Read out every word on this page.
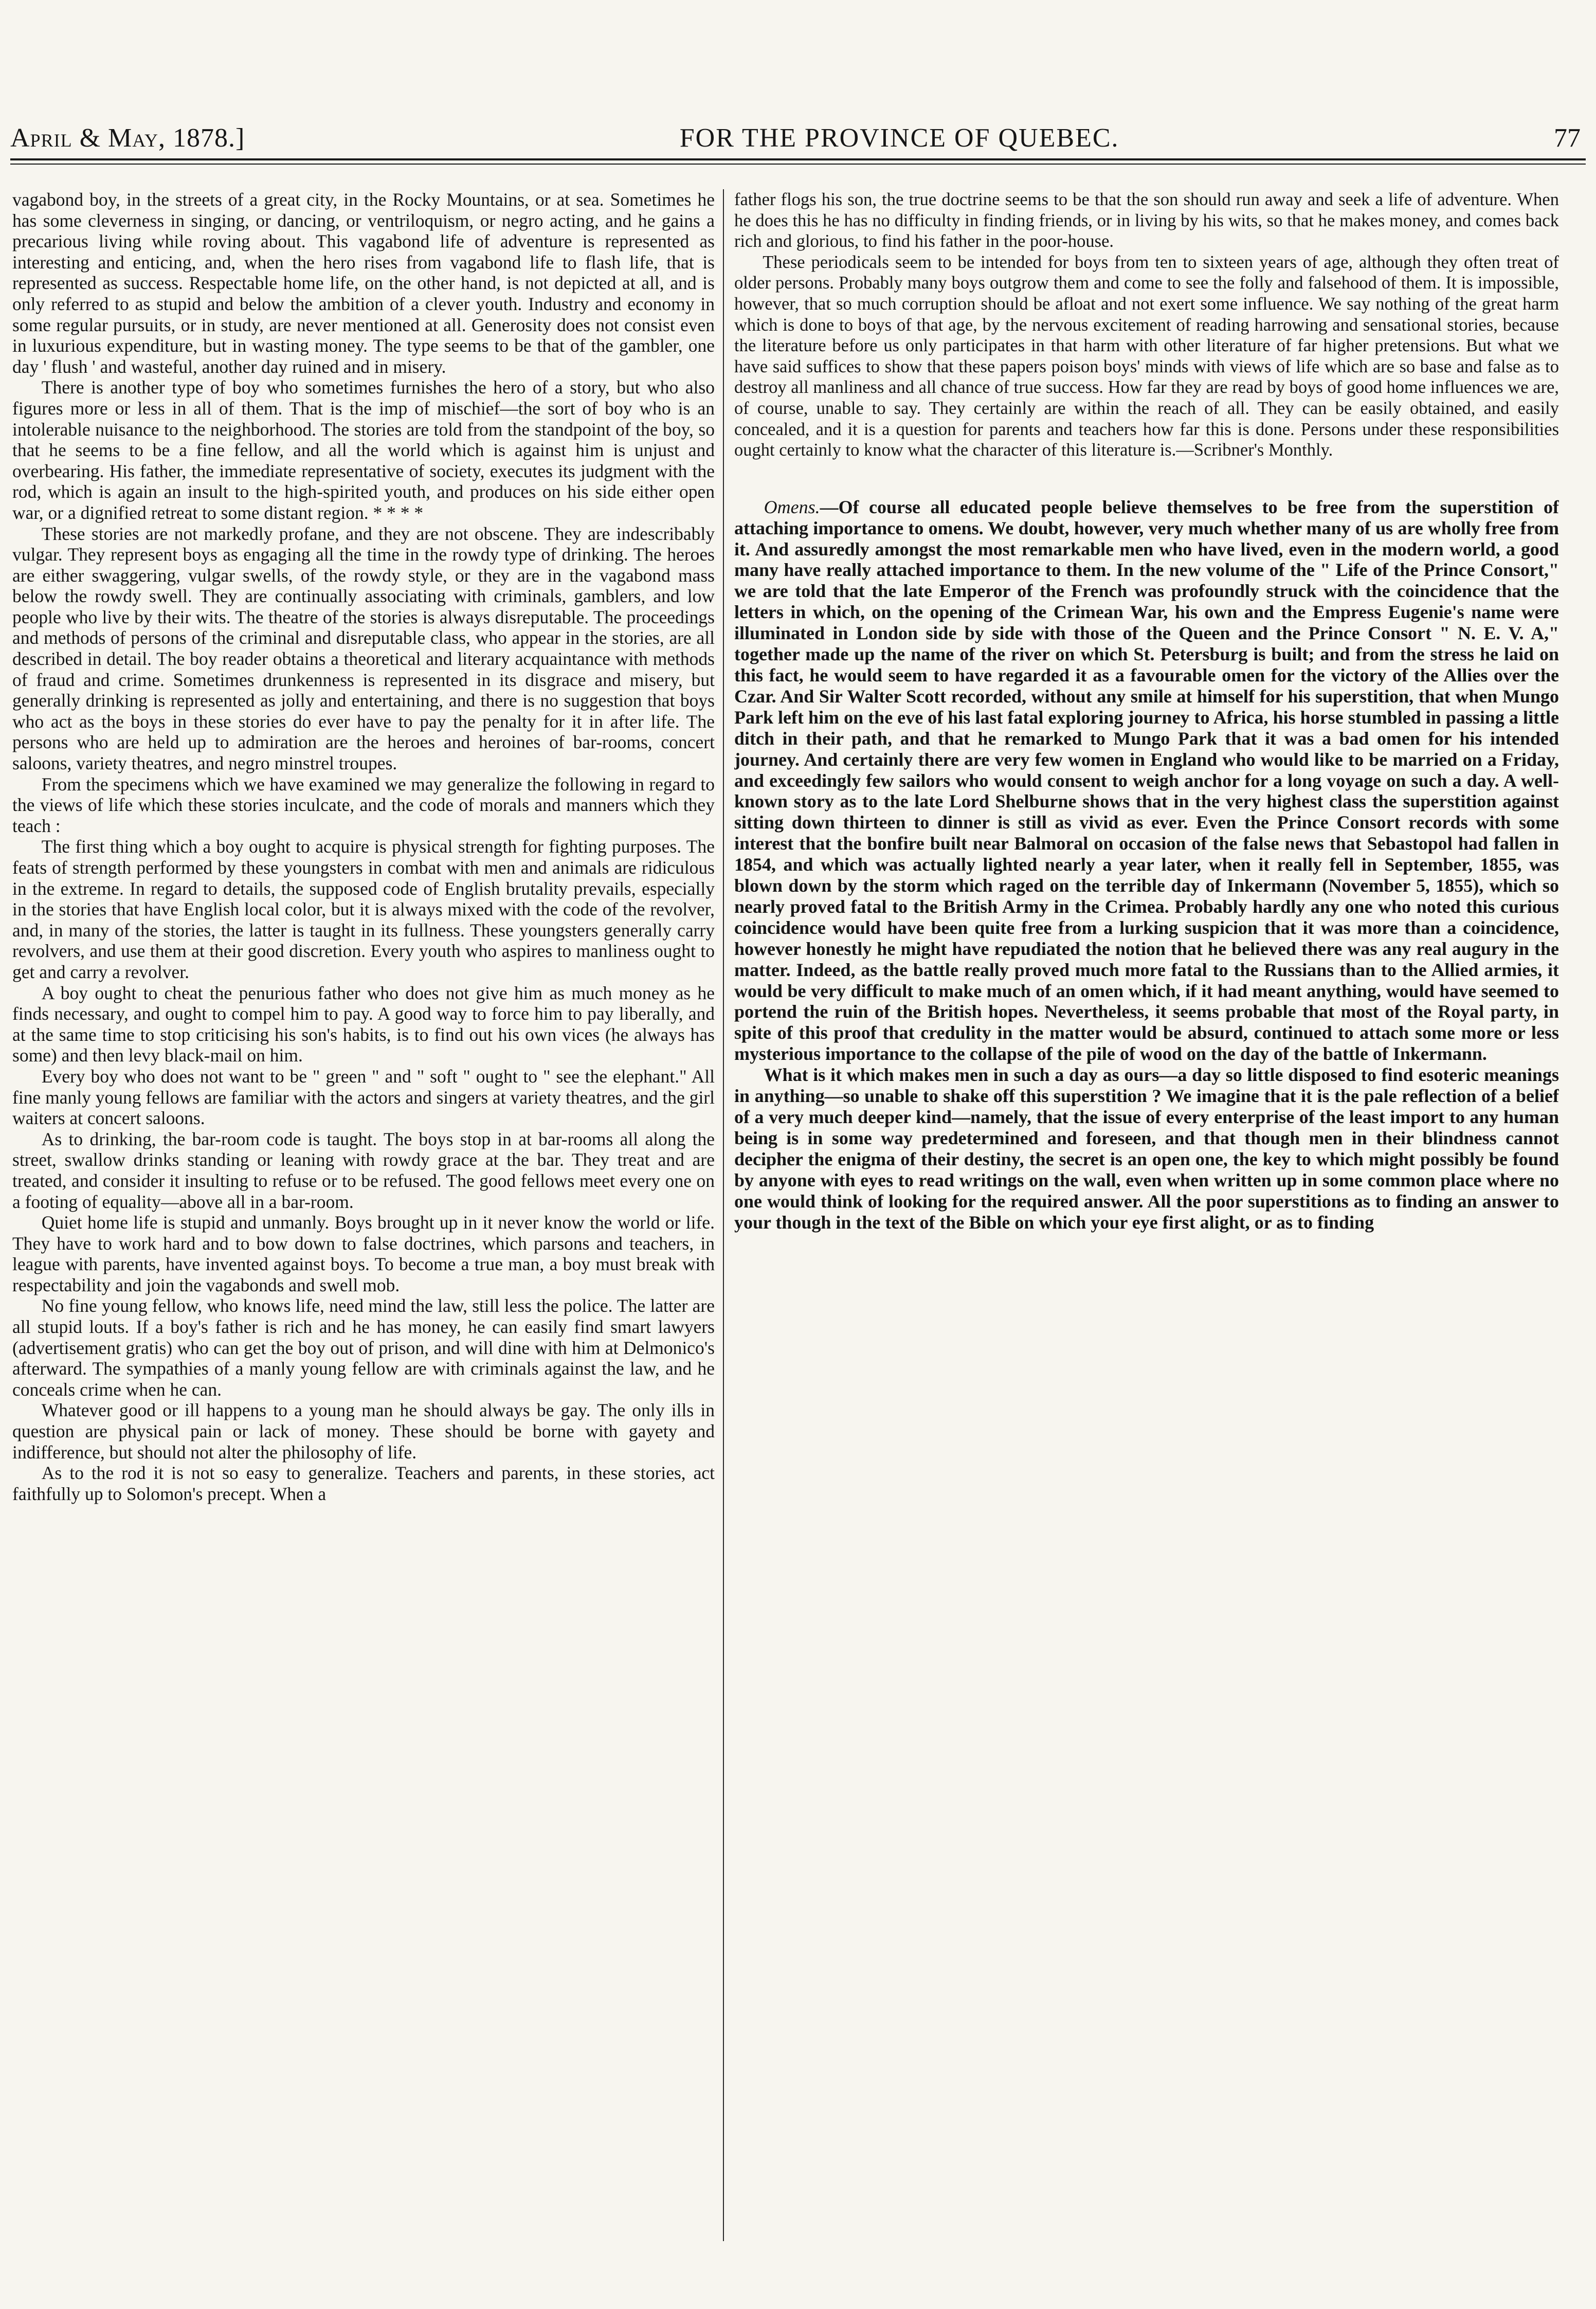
April & May, 1878.]	FOR THE PROVINCE OF QUEBEC.	77

vagabond boy, in the streets of a great city, in the Rocky Mountains, or at sea. Sometimes he has some cleverness in singing, or dancing, or ventriloquism, or negro acting, and he gains a precarious living while roving about. This vagabond life of adventure is represented as interesting and enticing, and, when the hero rises from vagabond life to flash life, that is represented as success. Respectable home life, on the other hand, is not depicted at all, and is only referred to as stupid and below the ambition of a clever youth. Industry and economy in some regular pursuits, or in study, are never mentioned at all. Generosity does not consist even in luxurious expenditure, but in wasting money. The type seems to be that of the gambler, one day ' flush ' and wasteful, another day ruined and in misery.

There is another type of boy who sometimes furnishes the hero of a story, but who also figures more or less in all of them. That is the imp of mischief—the sort of boy who is an intolerable nuisance to the neighborhood. The stories are told from the standpoint of the boy, so that he seems to be a fine fellow, and all the world which is against him is unjust and overbearing. His father, the immediate representative of society, executes its judgment with the rod, which is again an insult to the high-spirited youth, and produces on his side either open war, or a dignified retreat to some distant region. * * * *

These stories are not markedly profane, and they are not obscene. They are indescribably vulgar. They represent boys as engaging all the time in the rowdy type of drinking. The heroes are either swaggering, vulgar swells, of the rowdy style, or they are in the vagabond mass below the rowdy swell. They are continually associating with criminals, gamblers, and low people who live by their wits. The theatre of the stories is always disreputable. The proceedings and methods of persons of the criminal and disreputable class, who appear in the stories, are all described in detail. The boy reader obtains a theoretical and literary acquaintance with methods of fraud and crime. Sometimes drunkenness is represented in its disgrace and misery, but generally drinking is represented as jolly and entertaining, and there is no suggestion that boys who act as the boys in these stories do ever have to pay the penalty for it in after life. The persons who are held up to admiration are the heroes and heroines of bar-rooms, concert saloons, variety theatres, and negro minstrel troupes.

From the specimens which we have examined we may generalize the following in regard to the views of life which these stories inculcate, and the code of morals and manners which they teach :

The first thing which a boy ought to acquire is physical strength for fighting purposes. The feats of strength performed by these youngsters in combat with men and animals are ridiculous in the extreme. In regard to details, the supposed code of English brutality prevails, especially in the stories that have English local color, but it is always mixed with the code of the revolver, and, in many of the stories, the latter is taught in its fullness. These youngsters generally carry revolvers, and use them at their good discretion. Every youth who aspires to manliness ought to get and carry a revolver.

A boy ought to cheat the penurious father who does not give him as much money as he finds necessary, and ought to compel him to pay. A good way to force him to pay liberally, and at the same time to stop criticising his son's habits, is to find out his own vices (he always has some) and then levy black-mail on him.

Every boy who does not want to be " green " and " soft " ought to " see the elephant." All fine manly young fellows are familiar with the actors and singers at variety theatres, and the girl waiters at concert saloons.

As to drinking, the bar-room code is taught. The boys stop in at bar-rooms all along the street, swallow drinks standing or leaning with rowdy grace at the bar. They treat and are treated, and consider it insulting to refuse or to be refused. The good fellows meet every one on a footing of equality—above all in a bar-room.

Quiet home life is stupid and unmanly. Boys brought up in it never know the world or life. They have to work hard and to bow down to false doctrines, which parsons and teachers, in league with parents, have invented against boys. To become a true man, a boy must break with respectability and join the vagabonds and swell mob.

No fine young fellow, who knows life, need mind the law, still less the police. The latter are all stupid louts. If a boy's father is rich and he has money, he can easily find smart lawyers (advertisement gratis) who can get the boy out of prison, and will dine with him at Delmonico's afterward. The sympathies of a manly young fellow are with criminals against the law, and he conceals crime when he can.

Whatever good or ill happens to a young man he should always be gay. The only ills in question are physical pain or lack of money. These should be borne with gayety and indifference, but should not alter the philosophy of life.

As to the rod it is not so easy to generalize. Teachers and parents, in these stories, act faithfully up to Solomon's precept. When a

father flogs his son, the true doctrine seems to be that the son should run away and seek a life of adventure. When he does this he has no difficulty in finding friends, or in living by his wits, so that he makes money, and comes back rich and glorious, to find his father in the poor-house.

These periodicals seem to be intended for boys from ten to sixteen years of age, although they often treat of older persons. Probably many boys outgrow them and come to see the folly and falsehood of them. It is impossible, however, that so much corruption should be afloat and not exert some influence. We say nothing of the great harm which is done to boys of that age, by the nervous excitement of reading harrowing and sensational stories, because the literature before us only participates in that harm with other literature of far higher pretensions. But what we have said suffices to show that these papers poison boys' minds with views of life which are so base and false as to destroy all manliness and all chance of true success. How far they are read by boys of good home influences we are, of course, unable to say. They certainly are within the reach of all. They can be easily obtained, and easily concealed, and it is a question for parents and teachers how far this is done. Persons under these responsibilities ought certainly to know what the character of this literature is.—Scribner's Monthly.

Omens.—Of course all educated people believe themselves to be free from the superstition of attaching importance to omens. We doubt, however, very much whether many of us are wholly free from it. And assuredly amongst the most remarkable men who have lived, even in the modern world, a good many have really attached importance to them. In the new volume of the " Life of the Prince Consort," we are told that the late Emperor of the French was profoundly struck with the coincidence that the letters in which, on the opening of the Crimean War, his own and the Empress Eugenie's name were illuminated in London side by side with those of the Queen and the Prince Consort " N. E. V. A," together made up the name of the river on which St. Petersburg is built; and from the stress he laid on this fact, he would seem to have regarded it as a favourable omen for the victory of the Allies over the Czar. And Sir Walter Scott recorded, without any smile at himself for his superstition, that when Mungo Park left him on the eve of his last fatal exploring journey to Africa, his horse stumbled in passing a little ditch in their path, and that he remarked to Mungo Park that it was a bad omen for his intended journey. And certainly there are very few women in England who would like to be married on a Friday, and exceedingly few sailors who would consent to weigh anchor for a long voyage on such a day. A well-known story as to the late Lord Shelburne shows that in the very highest class the superstition against sitting down thirteen to dinner is still as vivid as ever. Even the Prince Consort records with some interest that the bonfire built near Balmoral on occasion of the false news that Sebastopol had fallen in 1854, and which was actually lighted nearly a year later, when it really fell in September, 1855, was blown down by the storm which raged on the terrible day of Inkermann (November 5, 1855), which so nearly proved fatal to the British Army in the Crimea. Probably hardly any one who noted this curious coincidence would have been quite free from a lurking suspicion that it was more than a coincidence, however honestly he might have repudiated the notion that he believed there was any real augury in the matter. Indeed, as the battle really proved much more fatal to the Russians than to the Allied armies, it would be very difficult to make much of an omen which, if it had meant anything, would have seemed to portend the ruin of the British hopes. Nevertheless, it seems probable that most of the Royal party, in spite of this proof that credulity in the matter would be absurd, continued to attach some more or less mysterious importance to the collapse of the pile of wood on the day of the battle of Inkermann.

What is it which makes men in such a day as ours—a day so little disposed to find esoteric meanings in anything—so unable to shake off this superstition ? We imagine that it is the pale reflection of a belief of a very much deeper kind—namely, that the issue of every enterprise of the least import to any human being is in some way predetermined and foreseen, and that though men in their blindness cannot decipher the enigma of their destiny, the secret is an open one, the key to which might possibly be found by anyone with eyes to read writings on the wall, even when written up in some common place where no one would think of looking for the required answer. All the poor superstitions as to finding an answer to your though in the text of the Bible on which your eye first alight, or as to finding
